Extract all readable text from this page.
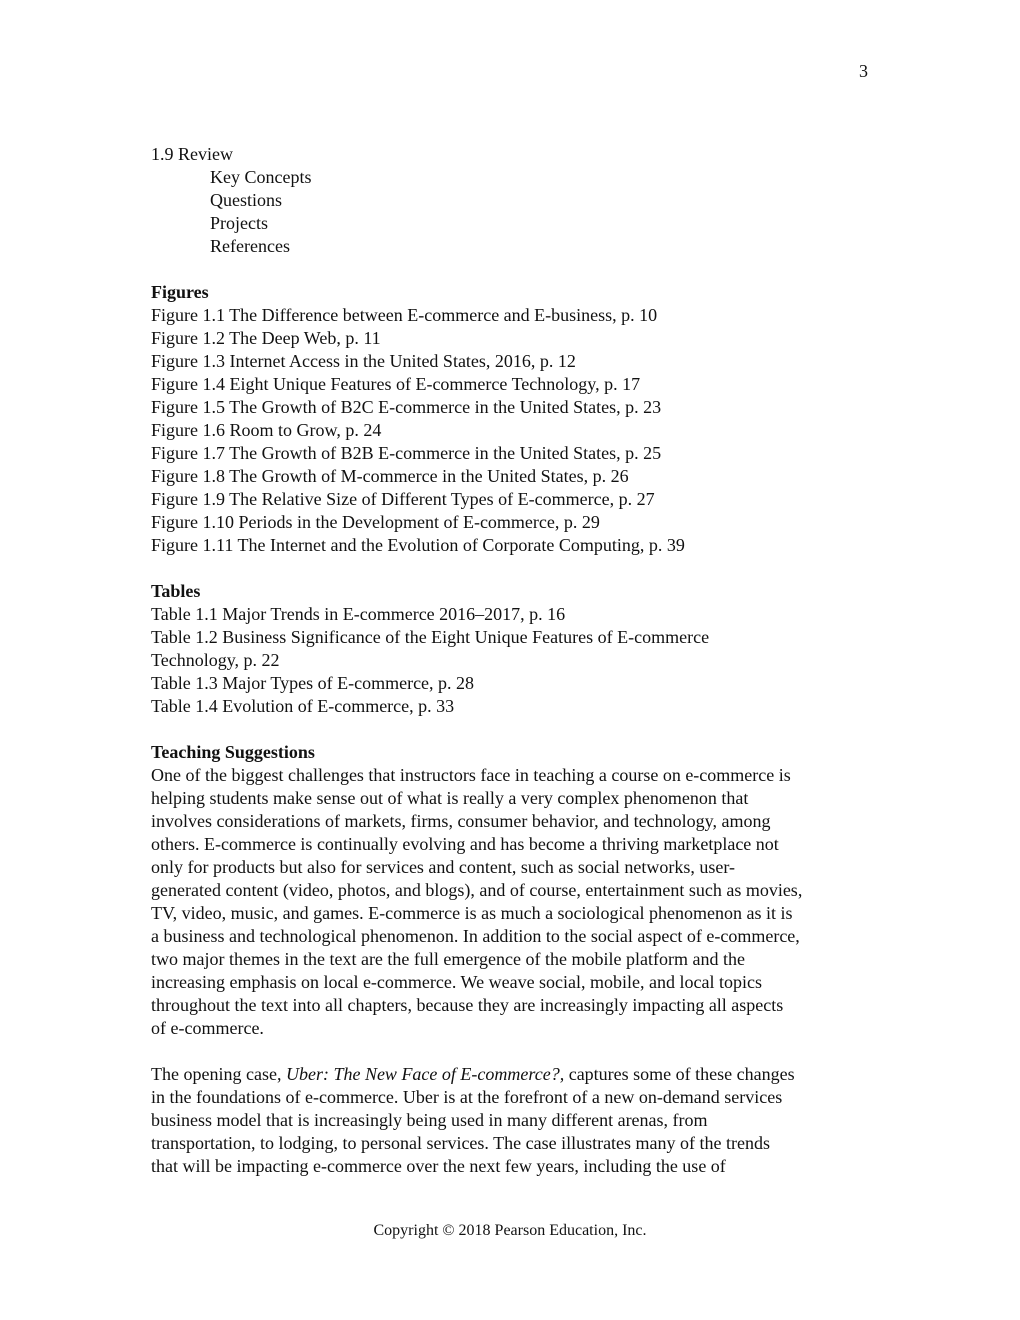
3
1.9 Review
Key Concepts
Questions
Projects
References
Figures
Figure 1.1 The Difference between E-commerce and E-business, p. 10
Figure 1.2 The Deep Web, p. 11
Figure 1.3 Internet Access in the United States, 2016, p. 12
Figure 1.4 Eight Unique Features of E-commerce Technology, p. 17
Figure 1.5 The Growth of B2C E-commerce in the United States, p. 23
Figure 1.6 Room to Grow, p. 24
Figure 1.7 The Growth of B2B E-commerce in the United States, p. 25
Figure 1.8 The Growth of M-commerce in the United States, p. 26
Figure 1.9 The Relative Size of Different Types of E-commerce, p. 27
Figure 1.10 Periods in the Development of E-commerce, p. 29
Figure 1.11 The Internet and the Evolution of Corporate Computing, p. 39
Tables
Table 1.1 Major Trends in E-commerce 2016–2017, p. 16
Table 1.2 Business Significance of the Eight Unique Features of E-commerce
Technology, p. 22
Table 1.3 Major Types of E-commerce, p. 28
Table 1.4 Evolution of E-commerce, p. 33
Teaching Suggestions
One of the biggest challenges that instructors face in teaching a course on e-commerce is
helping students make sense out of what is really a very complex phenomenon that
involves considerations of markets, firms, consumer behavior, and technology, among
others. E-commerce is continually evolving and has become a thriving marketplace not
only for products but also for services and content, such as social networks, user-
generated content (video, photos, and blogs), and of course, entertainment such as movies,
TV, video, music, and games. E-commerce is as much a sociological phenomenon as it is
a business and technological phenomenon. In addition to the social aspect of e-commerce,
two major themes in the text are the full emergence of the mobile platform and the
increasing emphasis on local e-commerce. We weave social, mobile, and local topics
throughout the text into all chapters, because they are increasingly impacting all aspects
of e-commerce.
The opening case, Uber: The New Face of E-commerce?, captures some of these changes
in the foundations of e-commerce. Uber is at the forefront of a new on-demand services
business model that is increasingly being used in many different arenas, from
transportation, to lodging, to personal services. The case illustrates many of the trends
that will be impacting e-commerce over the next few years, including the use of
Copyright © 2018 Pearson Education, Inc.
